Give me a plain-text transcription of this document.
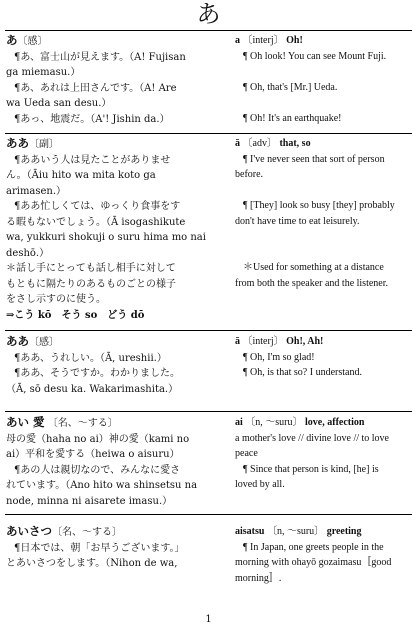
あ

あ〔感〕

¶あ、富士山が見えます。（A! Fujisan

ga miemasu.）

¶あ、あれは上田さんです。（A! Are

wa Ueda san desu.）

¶あっ、地震だ。（A'! Jishin da.）

a 〔interj〕 Oh!

¶ Oh look! You can see Mount Fuji.

¶ Oh, that's [Mr.] Ueda.

¶ Oh! It's an earthquake!

ああ〔副〕

¶ああいう人は見たことがありませ

ん。（Āiu hito wa mita koto ga

arimasen.）

¶ああ忙しくては、ゆっくり食事をす

る暇もないでしょう。（Ā isogashikute

wa, yukkuri shokuji o suru hima mo nai

deshō.）

＊話し手にとっても話し相手に対して

もともに隔たりのあるものごとの様子

をさし示すのに使う。

⇒こう kō　そう so　どう dō

ā 〔adv〕 that, so

¶ I've never seen that sort of person

before.

¶ [They] look so busy [they] probably

don't have time to eat leisurely.

＊Used for something at a distance

from both the speaker and the listener.

ああ〔感〕

¶ああ、うれしい。（Ā, ureshii.）

¶ああ、そうですか。わかりました。

（Ā, sō desu ka. Wakarimashita.）

ā 〔interj〕 Oh!, Ah!

¶ Oh, I'm so glad!

¶ Oh, is that so? I understand.

あい 愛 〔名、〜する〕

母の愛（haha no ai）神の愛（kami no

ai）平和を愛する（heiwa o aisuru）

¶あの人は親切なので、みんなに愛さ

れています。（Ano hito wa shinsetsu na

node, minna ni aisarete imasu.）

ai 〔n, 〜suru〕 love, affection

a mother's love // divine love // to love

peace

¶ Since that person is kind, [he] is

loved by all.

あいさつ〔名、〜する〕

¶日本では、朝「お早うございます。」

とあいさつをします。（Nihon de wa,

aisatsu 〔n, 〜suru〕 greeting

¶ In Japan, one greets people in the

morning with ohayō gozaimasu〚good

morning〛.

1
